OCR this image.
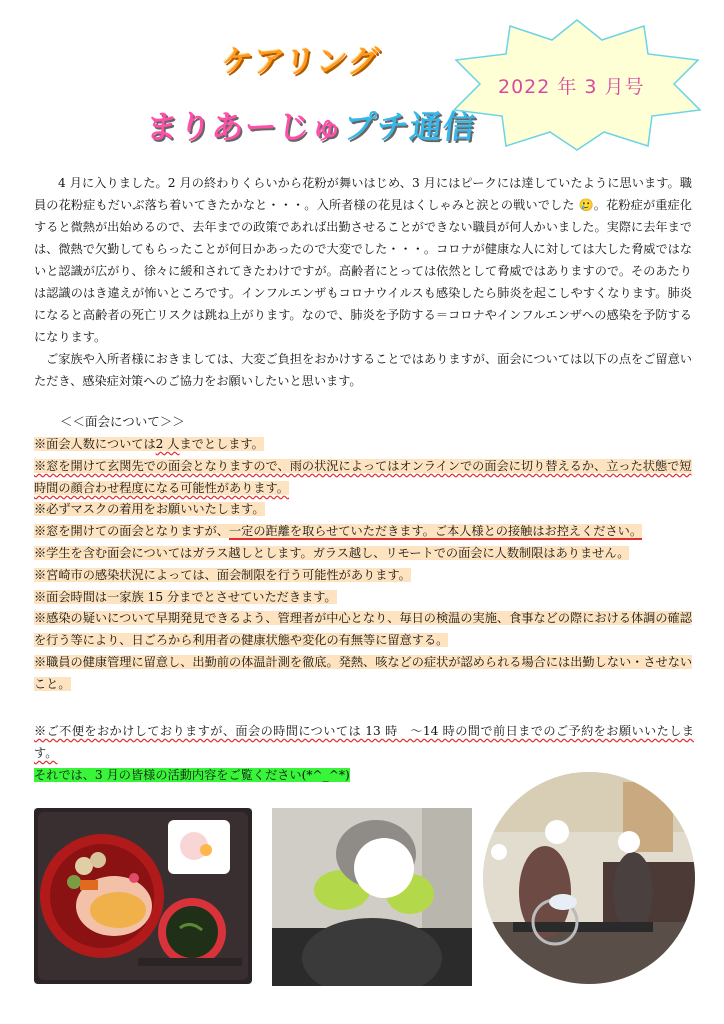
ケアリング
まりあーじゅプチ通信
2022 年 3 月号

4 月に入りました。2 月の終わりくらいから花粉が舞いはじめ、3 月にはピークには達していたように思います。職員の花粉症もだいぶ落ち着いてきたかなと・・・。入所者様の花見はくしゃみと涙との戦いでした 🥲。花粉症が重症化すると微熱が出始めるので、去年までの政策であれば出勤させることができない職員が何人かいました。実際に去年までは、微熱で欠勤してもらったことが何日かあったので大変でした・・・。コロナが健康な人に対しては大した脅威ではないと認識が広がり、徐々に緩和されてきたわけですが。高齢者にとっては依然として脅威ではありますので。そのあたりは認識のはき違えが怖いところです。インフルエンザもコロナウイルスも感染したら肺炎を起こしやすくなります。肺炎になると高齢者の死亡リスクは跳ね上がります。なので、肺炎を予防する＝コロナやインフルエンザへの感染を予防するになります。

ご家族や入所者様におきましては、大変ご負担をおかけすることではありますが、面会については以下の点をご留意いただき、感染症対策へのご協力をお願いしたいと思います。

＜＜面会について＞＞

※面会人数については2 人までとします。

※窓を開けて玄関先での面会となりますので、雨の状況によってはオンラインでの面会に切り替えるか、立った状態で短時間の顔合わせ程度になる可能性があります。

※必ずマスクの着用をお願いいたします。

※窓を開けての面会となりますが、一定の距離を取らせていただきます。ご本人様との接触はお控えください。

※学生を含む面会についてはガラス越しとします。ガラス越し、リモートでの面会に人数制限はありません。

※宮崎市の感染状況によっては、面会制限を行う可能性があります。

※面会時間は一家族 15 分までとさせていただきます。

※感染の疑いについて早期発見できるよう、管理者が中心となり、毎日の検温の実施、食事などの際における体調の確認を行う等により、日ごろから利用者の健康状態や変化の有無等に留意する。

※職員の健康管理に留意し、出勤前の体温計測を徹底。発熱、咳などの症状が認められる場合には出勤しない・させないこと。

※ご不便をおかけしておりますが、面会の時間については 13 時　～14 時の間で前日までのご予約をお願いいたします。

それでは、3 月の皆様の活動内容をご覧ください(*^_^*)
